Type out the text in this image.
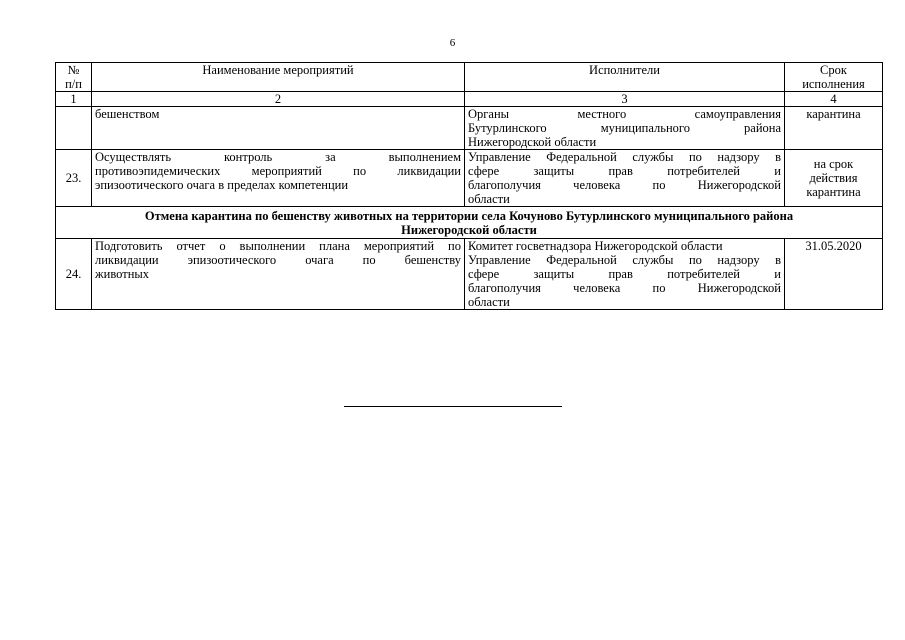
6
№
п/п	Наименование мероприятий	Исполнители	Срок
исполнения

1	2	3	4

	бешенством	Органы местного самоуправления
Бутурлинского муниципального района
Нижегородской области	карантина

23.	Осуществлять контроль за выполнением
противоэпидемических мероприятий по ликвидации
эпизоотического очага в пределах компетенции	Управление Федеральной службы по надзору в
сфере защиты прав потребителей и
благополучия человека по Нижегородской
области	на срок
действия
карантина

Отмена карантина по бешенству животных на территории села Кочуново Бутурлинского муниципального района
Нижегородской области			

24.	Подготовить отчет о выполнении плана мероприятий по
ликвидации эпизоотического очага по бешенству
животных	Комитет госветнадзора Нижегородской области
Управление Федеральной службы по надзору в
сфере защиты прав потребителей и
благополучия человека по Нижегородской
области	31.05.2020
